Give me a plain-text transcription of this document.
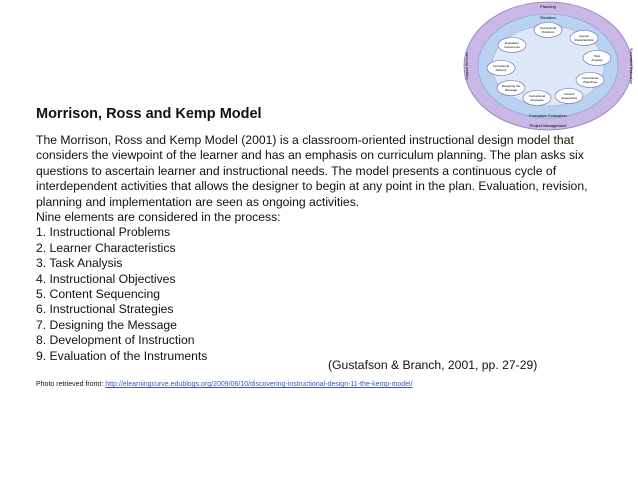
Planning
Revision
Formative Evaluation
Project Management
Support Services	Summative Evaluation
Instructional
Problems
Learner
Characteristics
Task
Analysis
Instructional
Objectives
Content
Sequencing
Instructional
Strategies
Designing the
Message
Instructional
Delivery
Evaluation
Instruments
Morrison, Ross and Kemp Model

The Morrison, Ross and Kemp Model (2001) is a classroom-oriented instructional design model that considers the viewpoint of the learner and has an emphasis on curriculum planning. The plan asks six questions to ascertain learner and instructional needs. The model presents a continuous cycle of interdependent activities that allows the designer to begin at any point in the plan. Evaluation, revision, planning and implementation are seen as ongoing activities.

Nine elements are considered in the process:

1. Instructional Problems
2. Learner Characteristics
3. Task Analysis
4. Instructional Objectives
5. Content Sequencing
6. Instructional Strategies
7. Designing the Message
8. Development of Instruction
9. Evaluation of the Instruments
(Gustafson & Branch, 2001, pp. 27-29)
Photo retrieved fromt: http://elearningcurve.edublogs.org/2009/06/10/discovering-instructional-design-11-the-kemp-model/
